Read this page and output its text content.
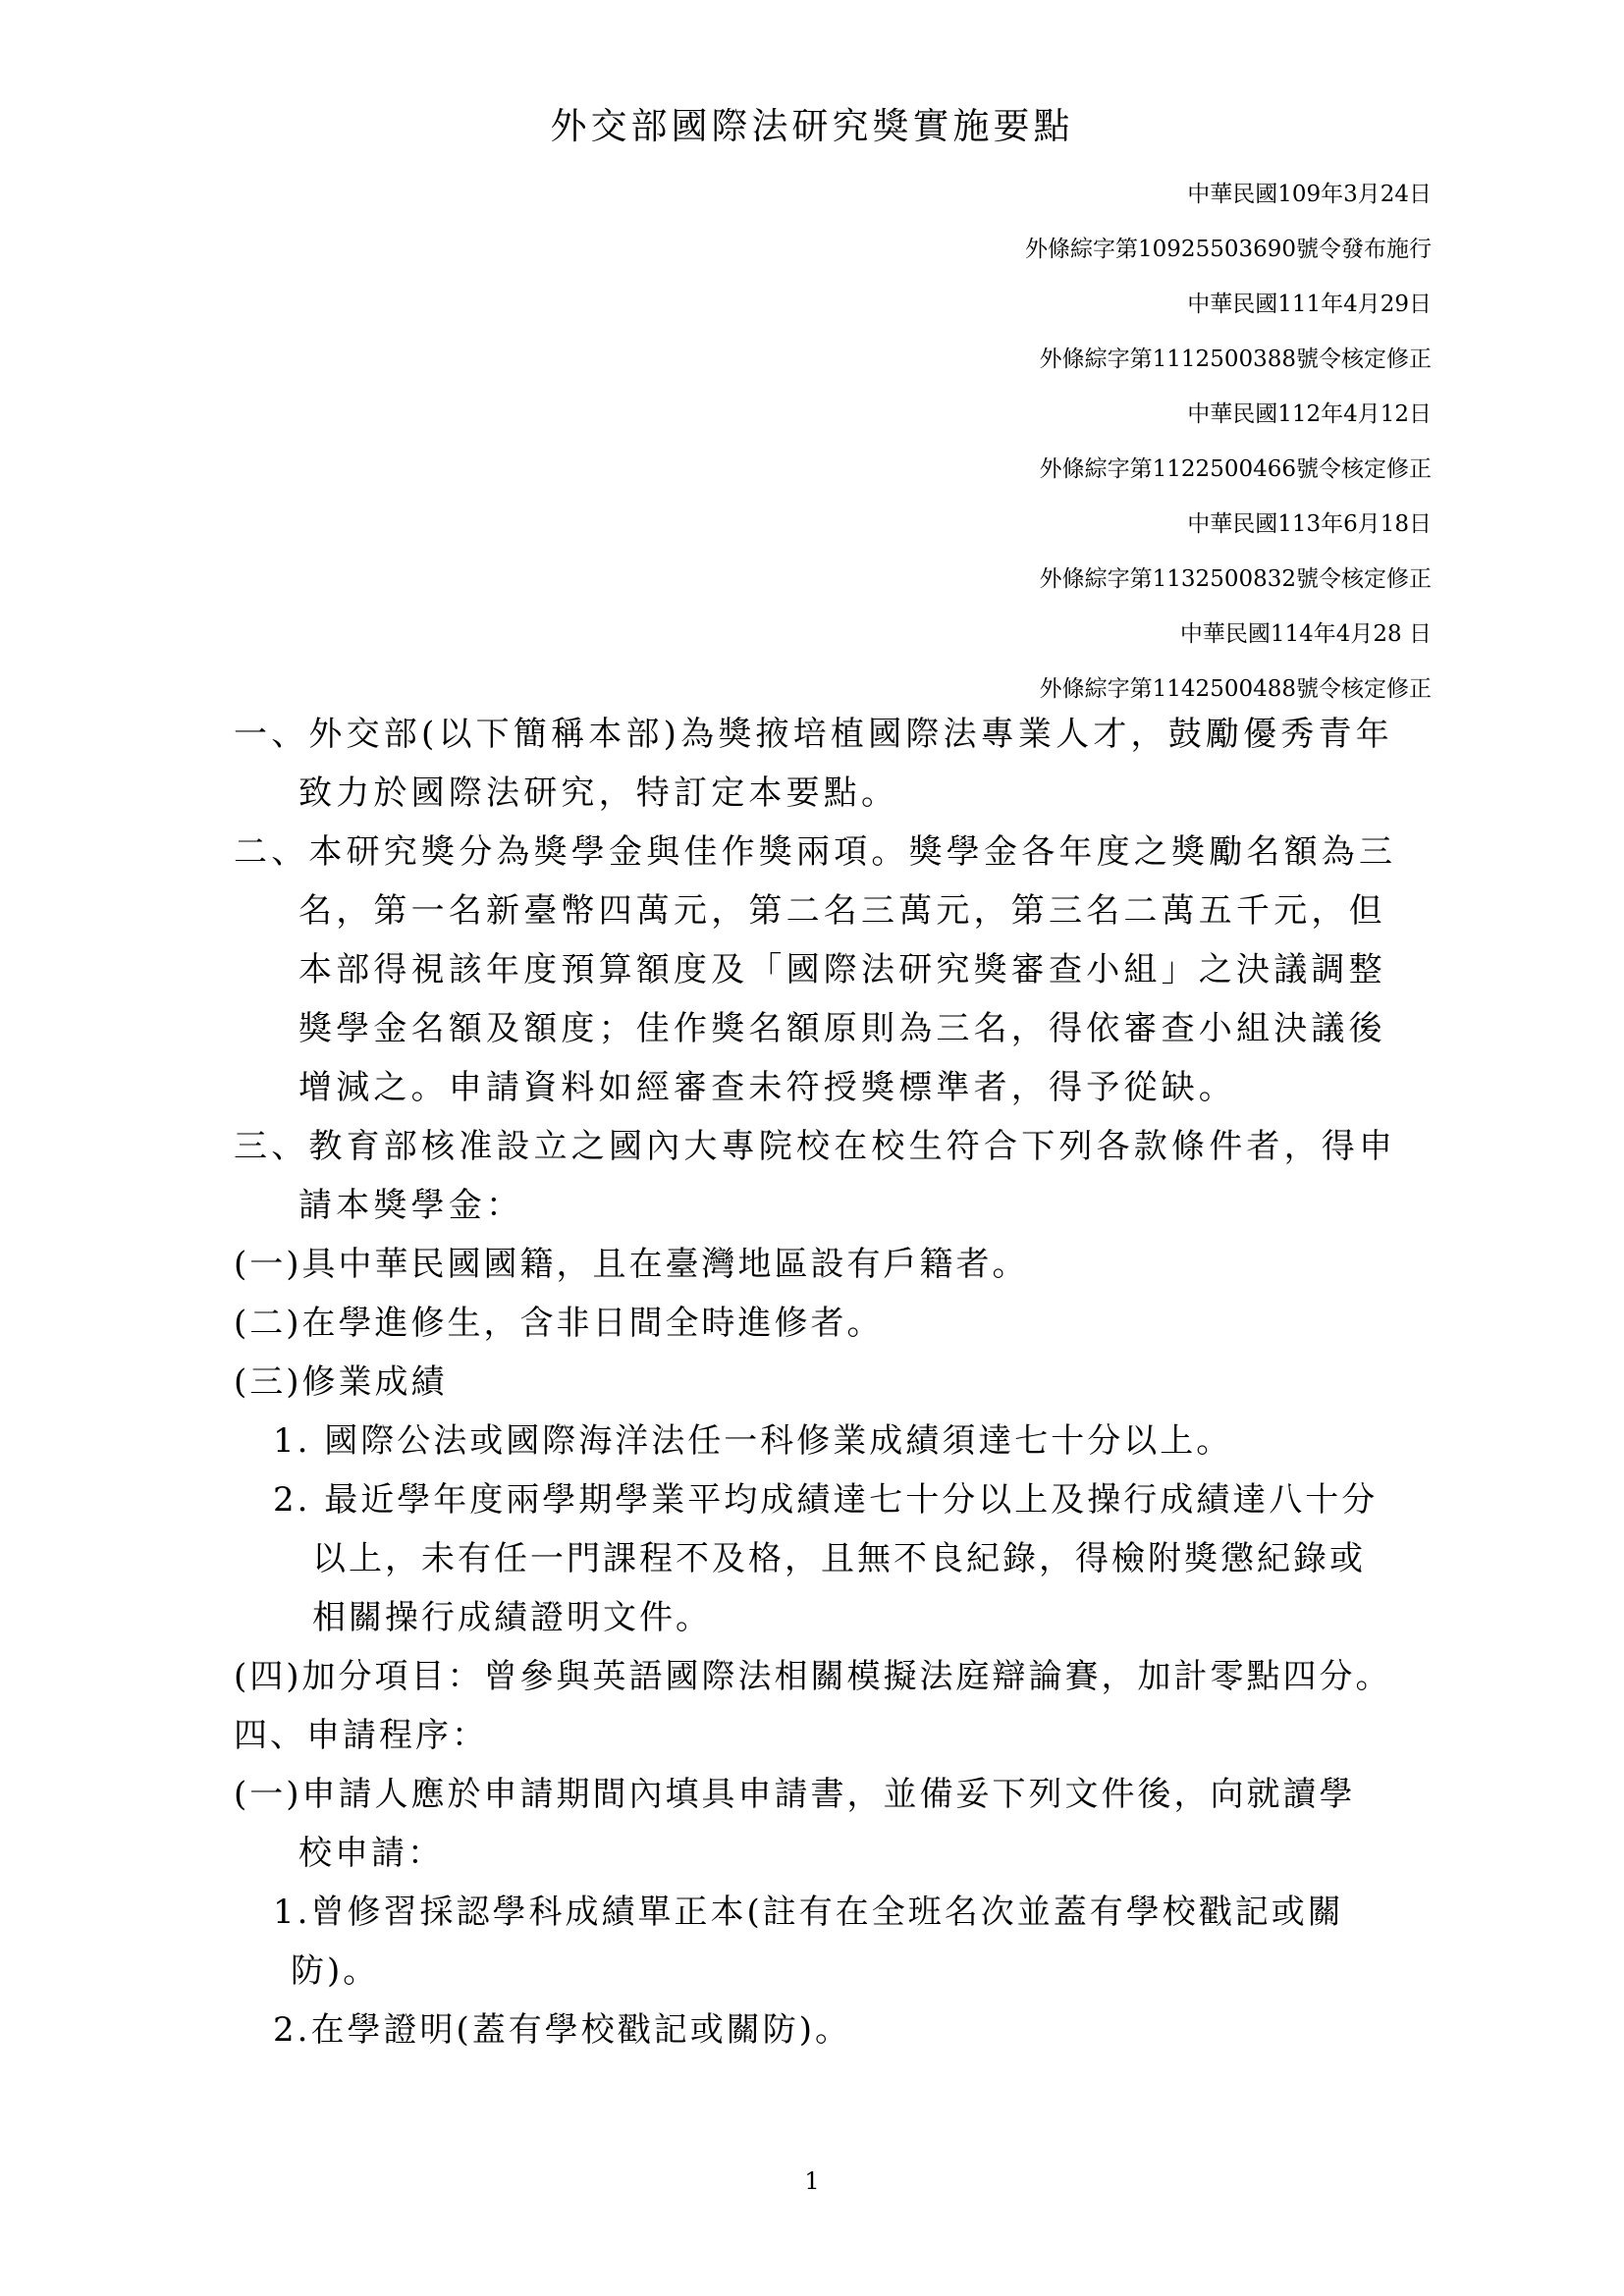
外交部國際法研究獎實施要點
中華民國109年3月24日
外條綜字第10925503690號令發布施行
中華民國111年4月29日
外條綜字第1112500388號令核定修正
中華民國112年4月12日
外條綜字第1122500466號令核定修正
中華民國113年6月18日
外條綜字第1132500832號令核定修正
中華民國114年4月28 日
外條綜字第1142500488號令核定修正
一、外交部(以下簡稱本部)為獎掖培植國際法專業人才，鼓勵優秀青年
致力於國際法研究，特訂定本要點。
二、本研究獎分為獎學金與佳作獎兩項。獎學金各年度之獎勵名額為三
名，第一名新臺幣四萬元，第二名三萬元，第三名二萬五千元，但
本部得視該年度預算額度及「國際法研究獎審查小組」之決議調整
獎學金名額及額度；佳作獎名額原則為三名，得依審查小組決議後
增減之。申請資料如經審查未符授獎標準者，得予從缺。
三、教育部核准設立之國內大專院校在校生符合下列各款條件者，得申
請本獎學金：
(一)具中華民國國籍，且在臺灣地區設有戶籍者。
(二)在學進修生，含非日間全時進修者。
(三)修業成績
1. 國際公法或國際海洋法任一科修業成績須達七十分以上。
2. 最近學年度兩學期學業平均成績達七十分以上及操行成績達八十分
以上，未有任一門課程不及格，且無不良紀錄，得檢附獎懲紀錄或
相關操行成績證明文件。
(四)加分項目：曾參與英語國際法相關模擬法庭辯論賽，加計零點四分。
四、申請程序：
(一)申請人應於申請期間內填具申請書，並備妥下列文件後，向就讀學
校申請：
1.曾修習採認學科成績單正本(註有在全班名次並蓋有學校戳記或關
防)。
2.在學證明(蓋有學校戳記或關防)。
1
